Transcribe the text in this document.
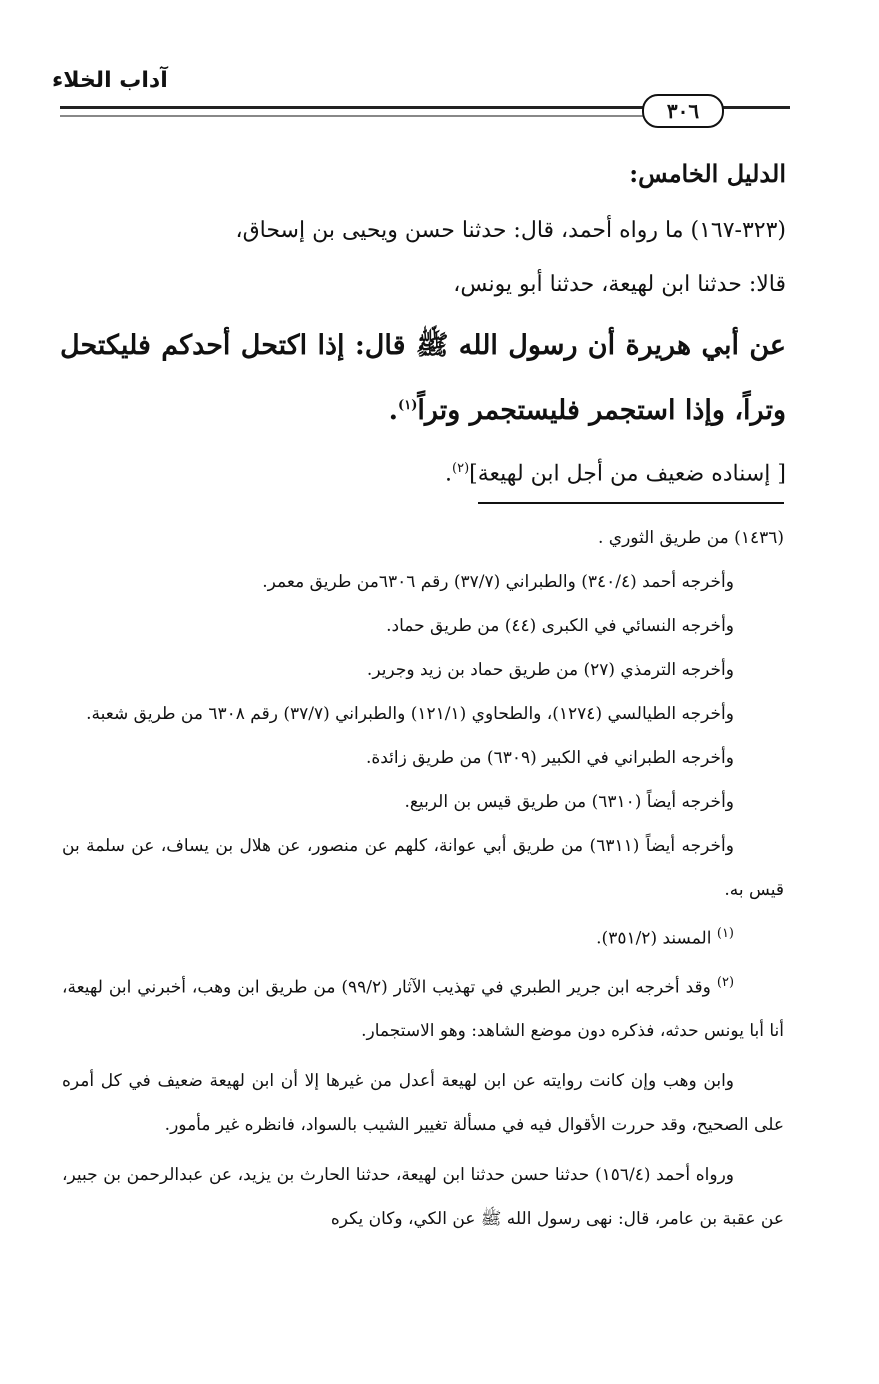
آداب الخلاء
٣٠٦

الدليل الخامس:

(٣٢٣-١٦٧) ما رواه أحمد، قال: حدثنا حسن ويحيى بن إسحاق،

قالا: حدثنا ابن لهيعة، حدثنا أبو يونس،

عن أبي هريرة أن رسول الله ﷺ قال: إذا اكتحل أحدكم فليكتحل وتراً، وإذا استجمر فليستجمر وتراً$^{(١)}$.

[ إسناده ضعيف من أجل ابن لهيعة]$^{(٢)}$.

(١٤٣٦) من طريق الثوري .

وأخرجه أحمد (٣٤٠/٤) والطبراني (٣٧/٧) رقم ٦٣٠٦من طريق معمر.

وأخرجه النسائي في الكبرى (٤٤) من طريق حماد.

وأخرجه الترمذي (٢٧) من طريق حماد بن زيد وجرير.

وأخرجه الطيالسي (١٢٧٤)، والطحاوي (١٢١/١) والطبراني (٣٧/٧) رقم ٦٣٠٨ من طريق شعبة.

وأخرجه الطبراني في الكبير (٦٣٠٩) من طريق زائدة.

وأخرجه أيضاً (٦٣١٠) من طريق قيس بن الربيع.

وأخرجه أيضاً (٦٣١١) من طريق أبي عوانة، كلهم عن منصور، عن هلال بن يساف، عن سلمة بن قيس به.

$^{(١)}$ المسند (٣٥١/٢).

$^{(٢)}$ وقد أخرجه ابن جرير الطبري في تهذيب الآثار (٩٩/٢) من طريق ابن وهب، أخبرني ابن لهيعة، أنا أبا يونس حدثه، فذكره دون موضع الشاهد: وهو الاستجمار.

وابن وهب وإن كانت روايته عن ابن لهيعة أعدل من غيرها إلا أن ابن لهيعة ضعيف في كل أمره على الصحيح، وقد حررت الأقوال فيه في مسألة تغيير الشيب بالسواد، فانظره غير مأمور.

ورواه أحمد (١٥٦/٤) حدثنا حسن حدثنا ابن لهيعة، حدثنا الحارث بن يزيد، عن عبدالرحمن بن جبير، عن عقبة بن عامر، قال: نهى رسول الله ﷺ عن الكي، وكان يكره
